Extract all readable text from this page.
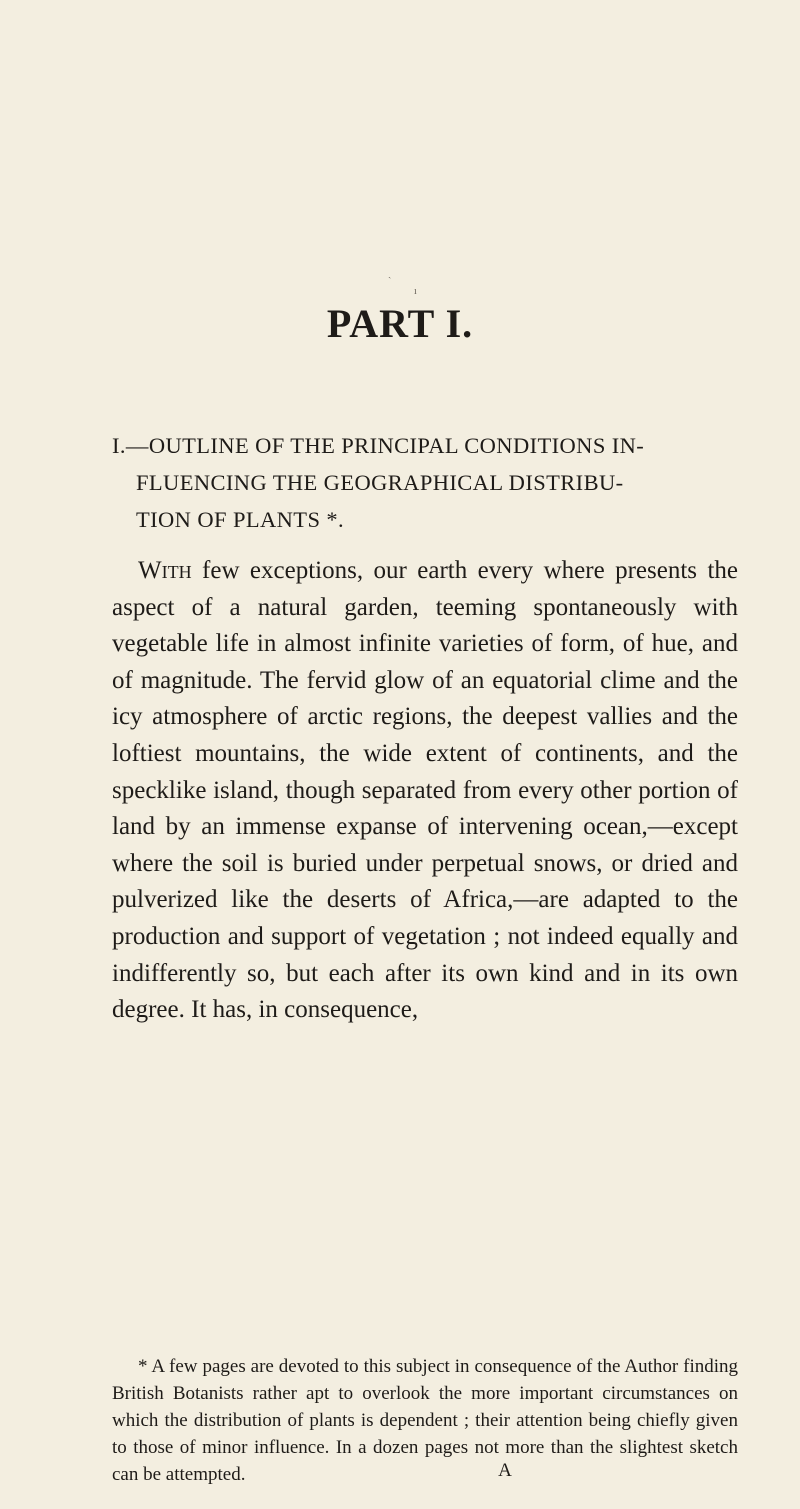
ˎ
ı
PART I.
I.—OUTLINE OF THE PRINCIPAL CONDITIONS IN-
FLUENCING THE GEOGRAPHICAL DISTRIBU-
TION OF PLANTS *.

With few exceptions, our earth every where presents the aspect of a natural garden, teeming spontaneously with vegetable life in almost infinite varieties of form, of hue, and of magnitude. The fervid glow of an equatorial clime and the icy atmosphere of arctic regions, the deepest vallies and the loftiest mountains, the wide extent of continents, and the specklike island, though separated from every other portion of land by an immense expanse of intervening ocean,—except where the soil is buried under perpetual snows, or dried and pulverized like the deserts of Africa,—are adapted to the production and support of vegetation ; not indeed equally and indifferently so, but each after its own kind and in its own degree. It has, in consequence,

* A few pages are devoted to this subject in consequence of the Author finding British Botanists rather apt to overlook the more important circumstances on which the distribution of plants is dependent ; their attention being chiefly given to those of minor influence. In a dozen pages not more than the slightest sketch can be attempted.	A
